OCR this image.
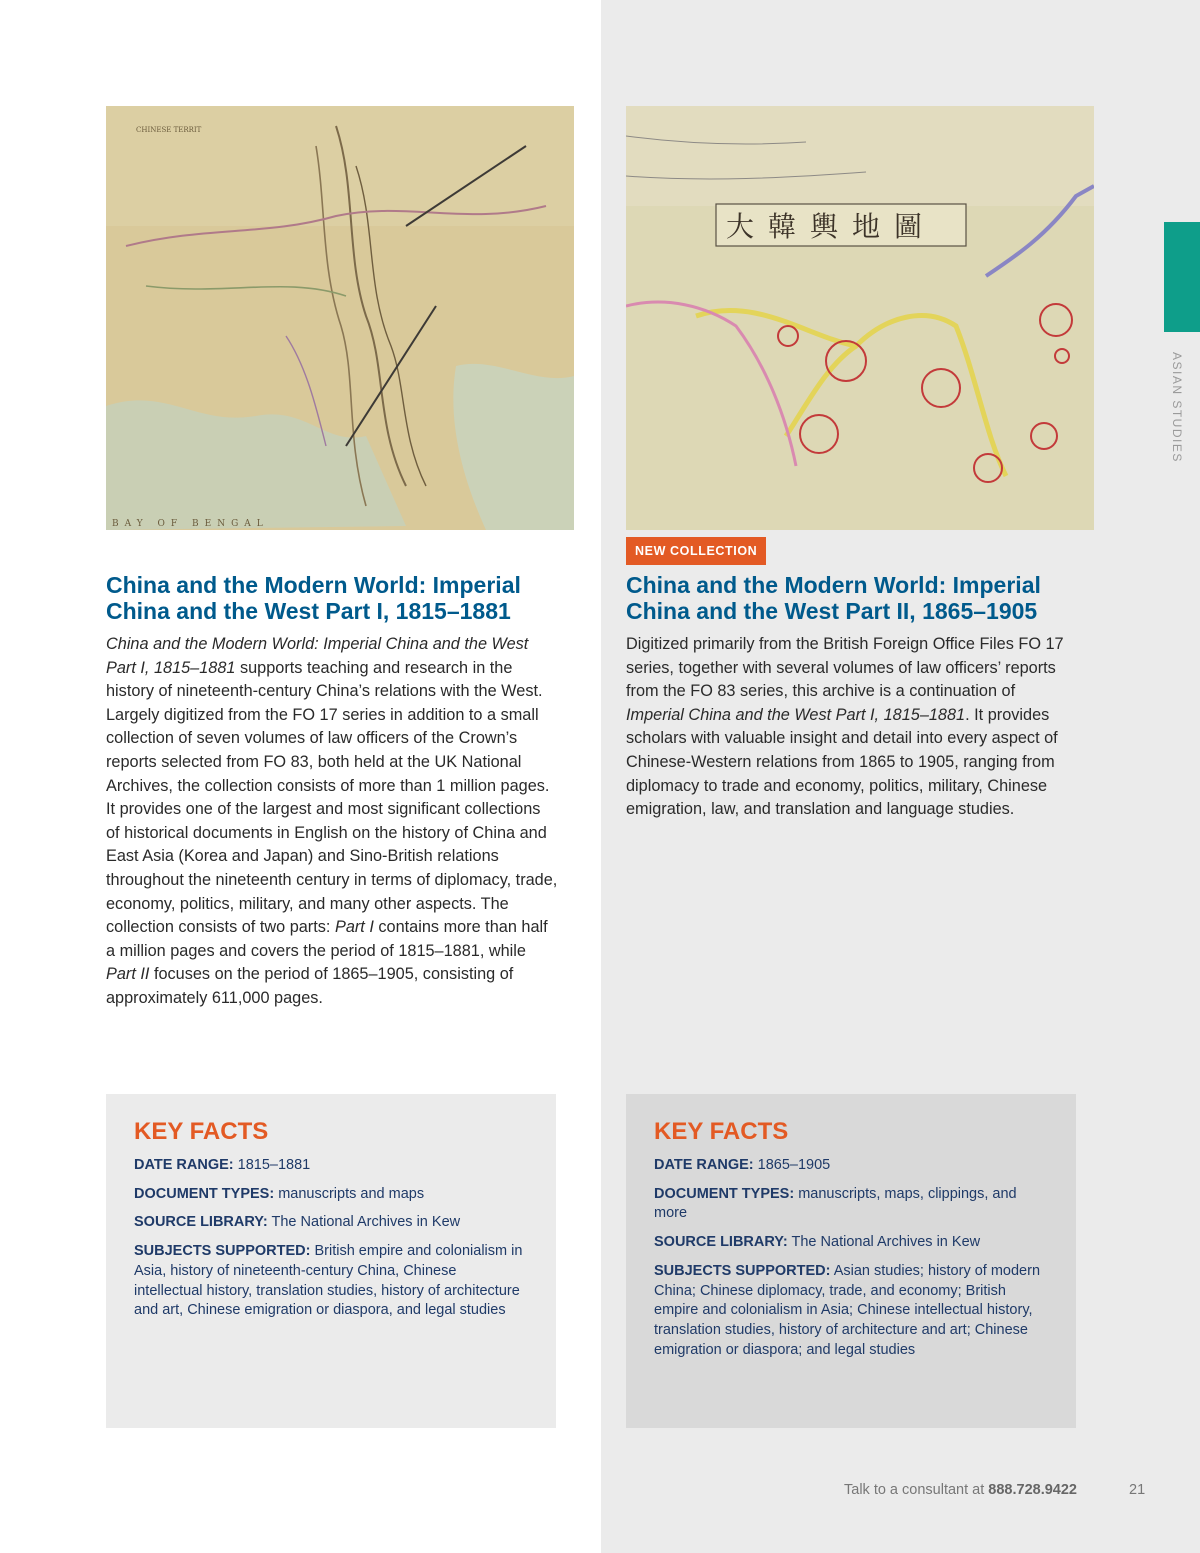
ASIAN STUDIES
CHINESE TERRIT
BAY OF BENGAL
大韓輿地圖
NEW COLLECTION
China and the Modern World: Imperial China and the West Part I, 1815–1881
China and the Modern World: Imperial China and the West Part II, 1865–1905

China and the Modern World: Imperial China and the West Part I, 1815–1881 supports teaching and research in the history of nineteenth-century China’s relations with the West. Largely digitized from the FO 17 series in addition to a small collection of seven volumes of law officers of the Crown’s reports selected from FO 83, both held at the UK National Archives, the collection consists of more than 1 million pages. It provides one of the largest and most significant collections of historical documents in English on the history of China and East Asia (Korea and Japan) and Sino-British relations throughout the nineteenth century in terms of diplomacy, trade, economy, politics, military, and many other aspects. The collection consists of two parts: Part I contains more than half a million pages and covers the period of 1815–1881, while Part II focuses on the period of 1865–1905, consisting of approximately 611,000 pages.

Digitized primarily from the British Foreign Office Files FO 17 series, together with several volumes of law officers’ reports from the FO 83 series, this archive is a continuation of Imperial China and the West Part I, 1815–1881. It provides scholars with valuable insight and detail into every aspect of Chinese-Western relations from 1865 to 1905, ranging from diplomacy to trade and economy, politics, military, Chinese emigration, law, and translation and language studies.

KEY FACTS

DATE RANGE: 1815–1881

DOCUMENT TYPES: manuscripts and maps

SOURCE LIBRARY: The National Archives in Kew

SUBJECTS SUPPORTED: British empire and colonialism in Asia, history of nineteenth-century China, Chinese intellectual history, translation studies, history of architecture and art, Chinese emigration or diaspora, and legal studies

KEY FACTS

DATE RANGE: 1865–1905

DOCUMENT TYPES: manuscripts, maps, clippings, and more

SOURCE LIBRARY: The National Archives in Kew

SUBJECTS SUPPORTED: Asian studies; history of modern China; Chinese diplomacy, trade, and economy; British empire and colonialism in Asia; Chinese intellectual history, translation studies, history of architecture and art; Chinese emigration or diaspora; and legal studies

Talk to a consultant at 888.728.9422	21
